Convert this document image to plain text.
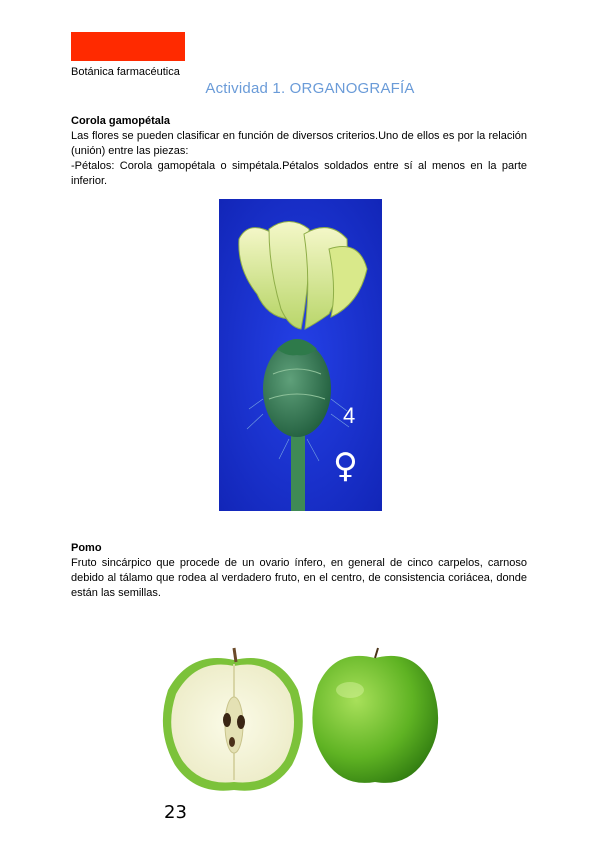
Botánica farmacéutica
Actividad 1. ORGANOGRAFÍA
Corola gamopétala

Las flores se pueden clasificar en función de diversos criterios.Uno de ellos es por la relación (unión) entre las piezas:

-Pétalos: Corola gamopétala o simpétala.Pétalos soldados entre sí al menos en la parte inferior.

4
♀
Pomo

Fruto sincárpico que procede de un ovario ínfero, en general de cinco carpelos, carnoso debido al tálamo que rodea al verdadero fruto, en el centro, de consistencia coriácea, donde están las semillas.

23
